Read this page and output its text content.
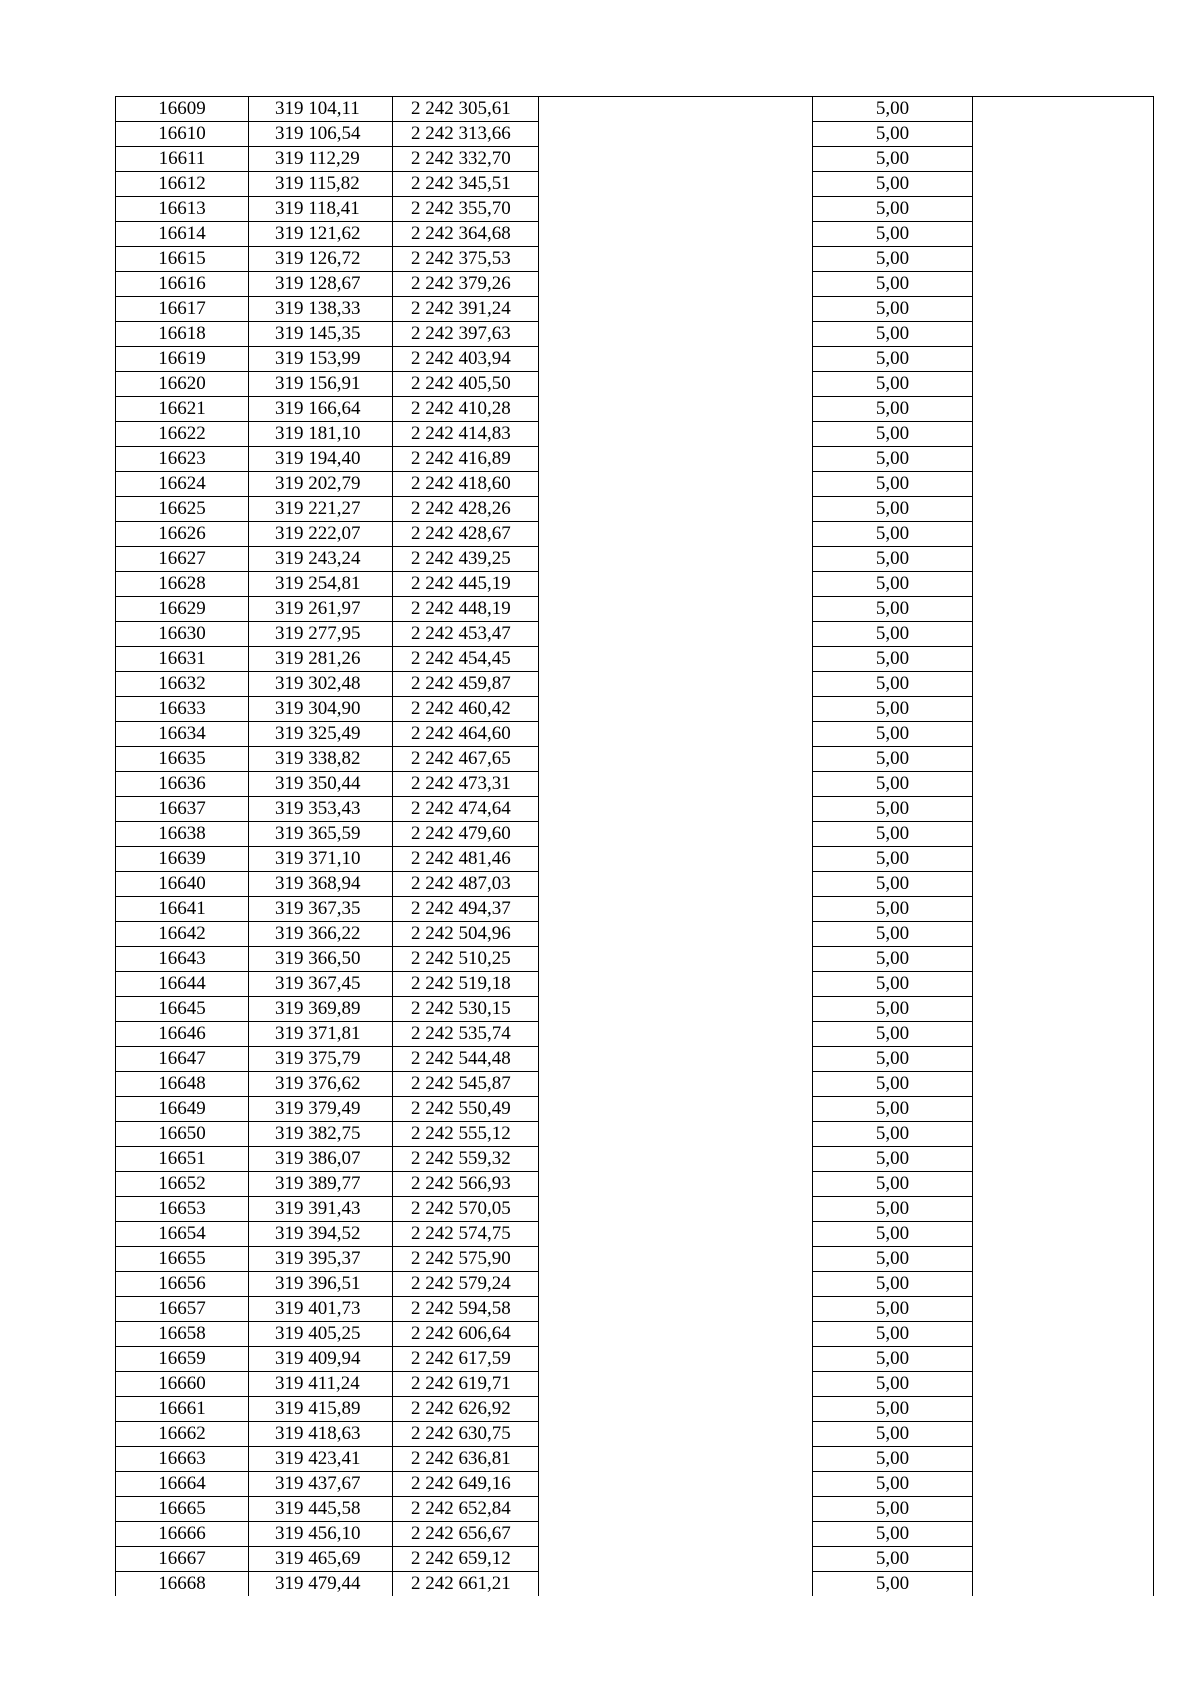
16609	319 104,11	2 242 305,61		5,00	
16610	319 106,54	2 242 313,66		5,00	
16611	319 112,29	2 242 332,70		5,00	
16612	319 115,82	2 242 345,51		5,00	
16613	319 118,41	2 242 355,70		5,00	
16614	319 121,62	2 242 364,68		5,00	
16615	319 126,72	2 242 375,53		5,00	
16616	319 128,67	2 242 379,26		5,00	
16617	319 138,33	2 242 391,24		5,00	
16618	319 145,35	2 242 397,63		5,00	
16619	319 153,99	2 242 403,94		5,00	
16620	319 156,91	2 242 405,50		5,00	
16621	319 166,64	2 242 410,28		5,00	
16622	319 181,10	2 242 414,83		5,00	
16623	319 194,40	2 242 416,89		5,00	
16624	319 202,79	2 242 418,60		5,00	
16625	319 221,27	2 242 428,26		5,00	
16626	319 222,07	2 242 428,67		5,00	
16627	319 243,24	2 242 439,25		5,00	
16628	319 254,81	2 242 445,19		5,00	
16629	319 261,97	2 242 448,19		5,00	
16630	319 277,95	2 242 453,47		5,00	
16631	319 281,26	2 242 454,45		5,00	
16632	319 302,48	2 242 459,87		5,00	
16633	319 304,90	2 242 460,42		5,00	
16634	319 325,49	2 242 464,60		5,00	
16635	319 338,82	2 242 467,65		5,00	
16636	319 350,44	2 242 473,31		5,00	
16637	319 353,43	2 242 474,64		5,00	
16638	319 365,59	2 242 479,60		5,00	
16639	319 371,10	2 242 481,46		5,00	
16640	319 368,94	2 242 487,03		5,00	
16641	319 367,35	2 242 494,37		5,00	
16642	319 366,22	2 242 504,96		5,00	
16643	319 366,50	2 242 510,25		5,00	
16644	319 367,45	2 242 519,18		5,00	
16645	319 369,89	2 242 530,15		5,00	
16646	319 371,81	2 242 535,74		5,00	
16647	319 375,79	2 242 544,48		5,00	
16648	319 376,62	2 242 545,87		5,00	
16649	319 379,49	2 242 550,49		5,00	
16650	319 382,75	2 242 555,12		5,00	
16651	319 386,07	2 242 559,32		5,00	
16652	319 389,77	2 242 566,93		5,00	
16653	319 391,43	2 242 570,05		5,00	
16654	319 394,52	2 242 574,75		5,00	
16655	319 395,37	2 242 575,90		5,00	
16656	319 396,51	2 242 579,24		5,00	
16657	319 401,73	2 242 594,58		5,00	
16658	319 405,25	2 242 606,64		5,00	
16659	319 409,94	2 242 617,59		5,00	
16660	319 411,24	2 242 619,71		5,00	
16661	319 415,89	2 242 626,92		5,00	
16662	319 418,63	2 242 630,75		5,00	
16663	319 423,41	2 242 636,81		5,00	
16664	319 437,67	2 242 649,16		5,00	
16665	319 445,58	2 242 652,84		5,00	
16666	319 456,10	2 242 656,67		5,00	
16667	319 465,69	2 242 659,12		5,00	
16668	319 479,44	2 242 661,21		5,00	
